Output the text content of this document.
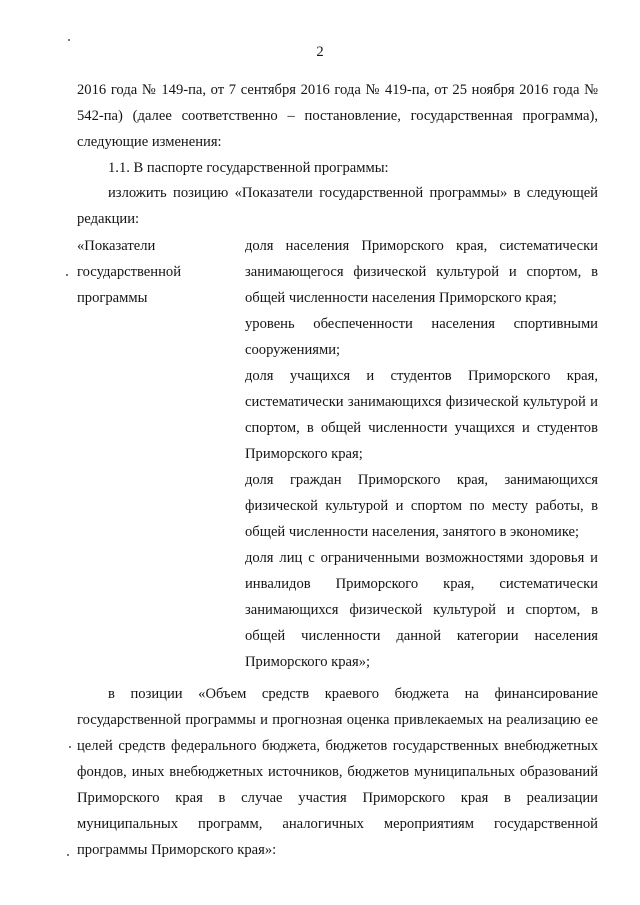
2
2016 года № 149-па, от 7 сентября 2016 года № 419-па, от 25 ноября 2016 года № 542-па) (далее соответственно – постановление, государственная программа), следующие изменения:
1.1. В паспорте государственной программы:
изложить позицию «Показатели государственной программы» в следующей редакции:
«Показатели
государственной
программы
доля населения Приморского края, систематически занимающегося физической культурой и спортом, в общей численности населения Приморского края;
уровень обеспеченности населения спортивными сооружениями;
доля учащихся и студентов Приморского края, систематически занимающихся физической культурой и спортом, в общей численности учащихся и студентов Приморского края;
доля граждан Приморского края, занимающихся физической культурой и спортом по месту работы, в общей численности населения, занятого в экономике;
доля лиц с ограниченными возможностями здоровья и инвалидов Приморского края, систематически занимающихся физической культурой и спортом, в общей численности данной категории населения Приморского края»;
в позиции «Объем средств краевого бюджета на финансирование государственной программы и прогнозная оценка привлекаемых на реализацию ее целей средств федерального бюджета, бюджетов государственных внебюджетных фондов, иных внебюджетных источников, бюджетов муниципальных образований Приморского края в случае участия Приморского края в реализации муниципальных программ, аналогичных мероприятиям государственной программы Приморского края»:
